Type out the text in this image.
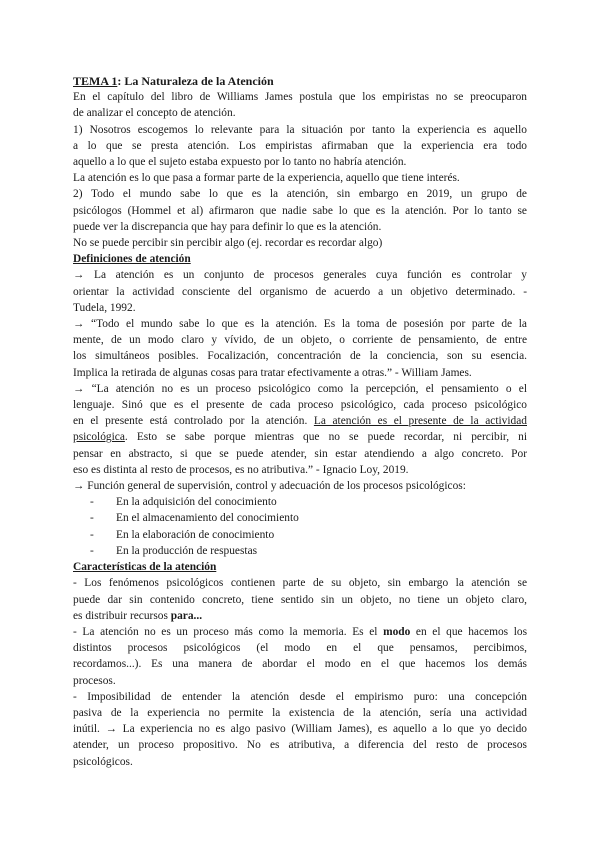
TEMA 1: La Naturaleza de la Atención
En el capítulo del libro de Williams James postula que los empiristas no se preocuparon
de analizar el concepto de atención.
1) Nosotros escogemos lo relevante para la situación por tanto la experiencia es aquello
a lo que se presta atención. Los empiristas afirmaban que la experiencia era todo
aquello a lo que el sujeto estaba expuesto por lo tanto no habría atención.
La atención es lo que pasa a formar parte de la experiencia, aquello que tiene interés.
2) Todo el mundo sabe lo que es la atención, sin embargo en 2019, un grupo de
psicólogos (Hommel et al) afirmaron que nadie sabe lo que es la atención. Por lo tanto se
puede ver la discrepancia que hay para definir lo que es la atención.
No se puede percibir sin percibir algo (ej. recordar es recordar algo)
Definiciones de atención
→ La atención es un conjunto de procesos generales cuya función es controlar y
orientar la actividad consciente del organismo de acuerdo a un objetivo determinado. -
Tudela, 1992.
→ “Todo el mundo sabe lo que es la atención. Es la toma de posesión por parte de la
mente, de un modo claro y vívido, de un objeto, o corriente de pensamiento, de entre
los simultáneos posibles. Focalización, concentración de la conciencia, son su esencia.
Implica la retirada de algunas cosas para tratar efectivamente a otras.” - William James.
→ “La atención no es un proceso psicológico como la percepción, el pensamiento o el
lenguaje. Sinó que es el presente de cada proceso psicológico, cada proceso psicológico
en el presente está controlado por la atención. La atención es el presente de la actividad
psicológica. Esto se sabe porque mientras que no se puede recordar, ni percibir, ni
pensar en abstracto, si que se puede atender, sin estar atendiendo a algo concreto. Por
eso es distinta al resto de procesos, es no atributiva.” - Ignacio Loy, 2019.
→ Función general de supervisión, control y adecuación de los procesos psicológicos:
- En la adquisición del conocimiento
- En el almacenamiento del conocimiento
- En la elaboración de conocimiento
- En la producción de respuestas
Características de la atención
- Los fenómenos psicológicos contienen parte de su objeto, sin embargo la atención se
puede dar sin contenido concreto, tiene sentido sin un objeto, no tiene un objeto claro,
es distribuir recursos para...
- La atención no es un proceso más como la memoria. Es el modo en el que hacemos los
distintos procesos psicológicos (el modo en el que pensamos, percibimos,
recordamos...). Es una manera de abordar el modo en el que hacemos los demás
procesos.
- Imposibilidad de entender la atención desde el empirismo puro: una concepción
pasiva de la experiencia no permite la existencia de la atención, sería una actividad
inútil. → La experiencia no es algo pasivo (William James), es aquello a lo que yo decido
atender, un proceso propositivo. No es atributiva, a diferencia del resto de procesos
psicológicos.
